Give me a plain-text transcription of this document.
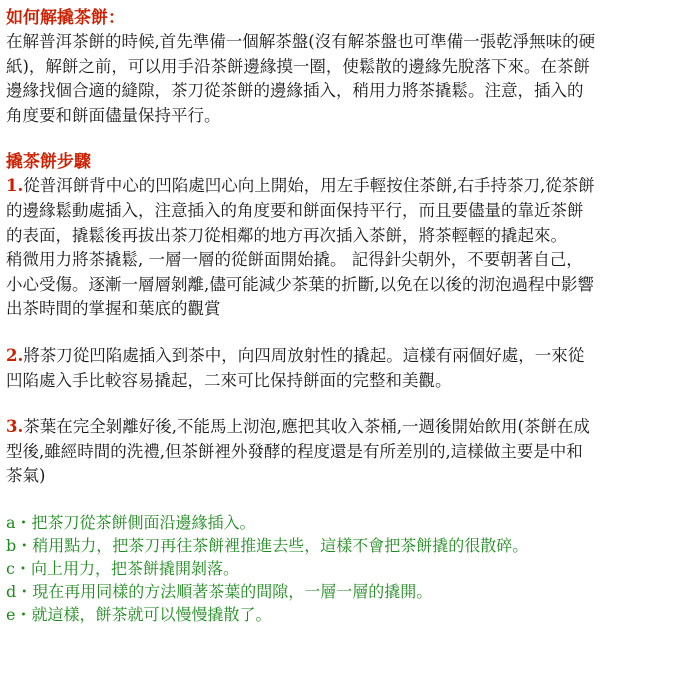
如何解撬茶餅：

在解普洱茶餅的時候,首先準備一個解茶盤(沒有解茶盤也可準備一張乾淨無味的硬
紙)，解餅之前，可以用手沿茶餅邊緣摸一圈，使鬆散的邊緣先脫落下來。在茶餅
邊緣找個合適的縫隙，茶刀從茶餅的邊緣插入，稍用力將茶撬鬆。注意，插入的
角度要和餅面儘量保持平行。

撬茶餅步驟

1.從普洱餅背中心的凹陷處凹心向上開始，用左手輕按住茶餅,右手持茶刀,從茶餅
的邊緣鬆動處插入，注意插入的角度要和餅面保持平行，而且要儘量的靠近茶餅
的表面，撬鬆後再拔出茶刀從相鄰的地方再次插入茶餅，將茶輕輕的撬起來。
稍微用力將茶撬鬆, 一層一層的從餅面開始撬。 記得針尖朝外，不要朝著自己，
小心受傷。逐漸一層層剝離,儘可能減少茶葉的折斷,以免在以後的沏泡過程中影響
出茶時間的掌握和葉底的觀賞

2.將茶刀從凹陷處插入到茶中，向四周放射性的撬起。這樣有兩個好處，一來從
凹陷處入手比較容易撬起，二來可比保持餅面的完整和美觀。

3.茶葉在完全剝離好後,不能馬上沏泡,應把其收入茶桶,一週後開始飲用(茶餅在成
型後,雖經時間的洗禮,但茶餅裡外發酵的程度還是有所差別的,這樣做主要是中和
茶氣)

a・把茶刀從茶餅側面沿邊緣插入。
b・稍用點力，把茶刀再往茶餅裡推進去些，這樣不會把茶餅撬的很散碎。
c・向上用力，把茶餅撬開剝落。
d・現在再用同樣的方法順著茶葉的間隙，一層一層的撬開。
e・就這樣，餅茶就可以慢慢撬散了。
